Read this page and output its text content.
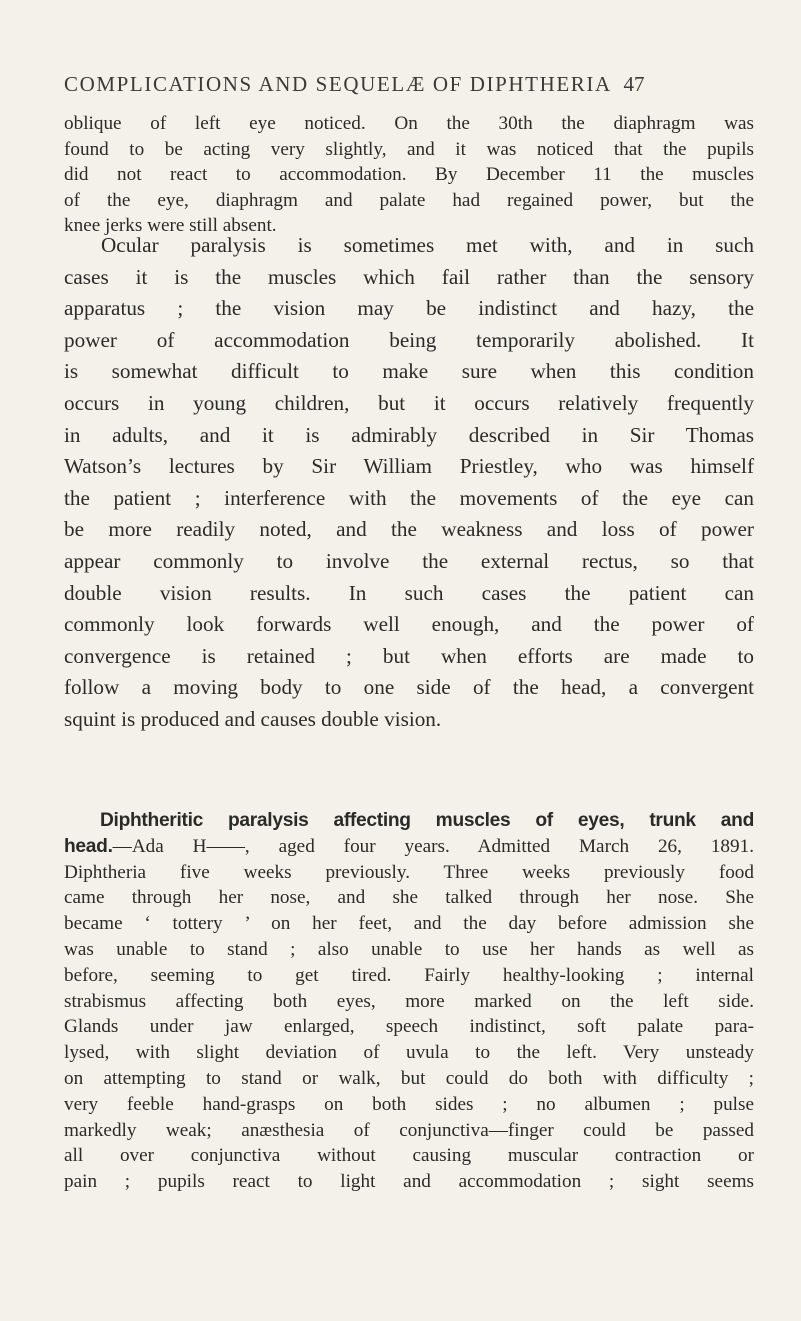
COMPLICATIONS AND SEQUELÆ OF DIPHTHERIA 47
oblique of left eye noticed. On the 30th the diaphragm was
found to be acting very slightly, and it was noticed that the pupils
did not react to accommodation. By December 11 the muscles
of the eye, diaphragm and palate had regained power, but the
knee jerks were still absent.
Ocular paralysis is sometimes met with, and in such
cases it is the muscles which fail rather than the sensory
apparatus ; the vision may be indistinct and hazy, the
power of accommodation being temporarily abolished. It
is somewhat difficult to make sure when this condition
occurs in young children, but it occurs relatively frequently
in adults, and it is admirably described in Sir Thomas
Watson’s lectures by Sir William Priestley, who was himself
the patient ; interference with the movements of the eye can
be more readily noted, and the weakness and loss of power
appear commonly to involve the external rectus, so that
double vision results. In such cases the patient can
commonly look forwards well enough, and the power of
convergence is retained ; but when efforts are made to
follow a moving body to one side of the head, a convergent
squint is produced and causes double vision.
Diphtheritic paralysis affecting muscles of eyes, trunk and
head.—Ada H——, aged four years. Admitted March 26, 1891.
Diphtheria five weeks previously. Three weeks previously food
came through her nose, and she talked through her nose. She
became ‘ tottery ’ on her feet, and the day before admission she
was unable to stand ; also unable to use her hands as well as
before, seeming to get tired. Fairly healthy-looking ; internal
strabismus affecting both eyes, more marked on the left side.
Glands under jaw enlarged, speech indistinct, soft palate para-
lysed, with slight deviation of uvula to the left. Very unsteady
on attempting to stand or walk, but could do both with difficulty ;
very feeble hand-grasps on both sides ; no albumen ; pulse
markedly weak; anæsthesia of conjunctiva—finger could be passed
all over conjunctiva without causing muscular contraction or
pain ; pupils react to light and accommodation ; sight seems
